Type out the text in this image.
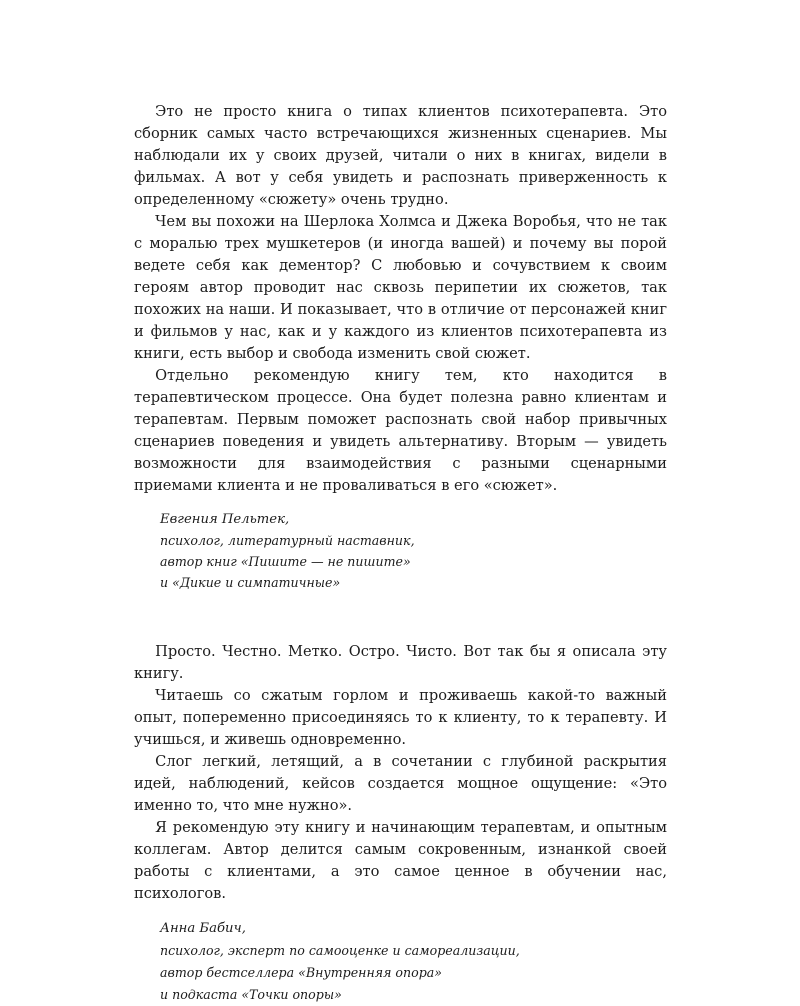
Это не просто книга о типах клиентов психотерапевта. Это сборник самых часто встречающихся жизненных сценариев. Мы наблюдали их у своих друзей, читали о них в книгах, видели в фильмах. А вот у себя увидеть и распознать приверженность к определенному «сюжету» очень трудно.

Чем вы похожи на Шерлока Холмса и Джека Воробья, что не так с моралью трех мушкетеров (и иногда вашей) и почему вы порой ведете себя как дементор? С любовью и сочувствием к своим героям автор проводит нас сквозь перипетии их сюжетов, так похожих на наши. И показывает, что в отличие от персонажей книг и фильмов у нас, как и у каждого из клиентов психотерапевта из книги, есть выбор и свобода изменить свой сюжет.

Отдельно рекомендую книгу тем, кто находится в терапевтическом процессе. Она будет полезна равно клиентам и терапевтам. Первым поможет распознать свой набор привычных сценариев поведения и увидеть альтернативу. Вторым — увидеть возможности для взаимодействия с разными сценарными приемами клиента и не проваливаться в его «сюжет».

Евгения Пельтек,
психолог, литературный наставник,
автор книг «Пишите — не пишите»
и «Дикие и симпатичные»

Просто. Честно. Метко. Остро. Чисто. Вот так бы я описала эту книгу.

Читаешь со сжатым горлом и проживаешь какой-то важный опыт, попеременно присоединяясь то к клиенту, то к терапевту. И учишься, и живешь одновременно.

Слог легкий, летящий, а в сочетании с глубиной раскрытия идей, наблюдений, кейсов создается мощное ощущение: «Это именно то, что мне нужно».

Я рекомендую эту книгу и начинающим терапевтам, и опытным коллегам. Автор делится самым сокровенным, изнанкой своей работы с клиентами, а это самое ценное в обучении нас, психологов.

Анна Бабич,
психолог, эксперт по самооценке и самореализации,
автор бестселлера «Внутренняя опора»
и подкаста «Точки опоры»
